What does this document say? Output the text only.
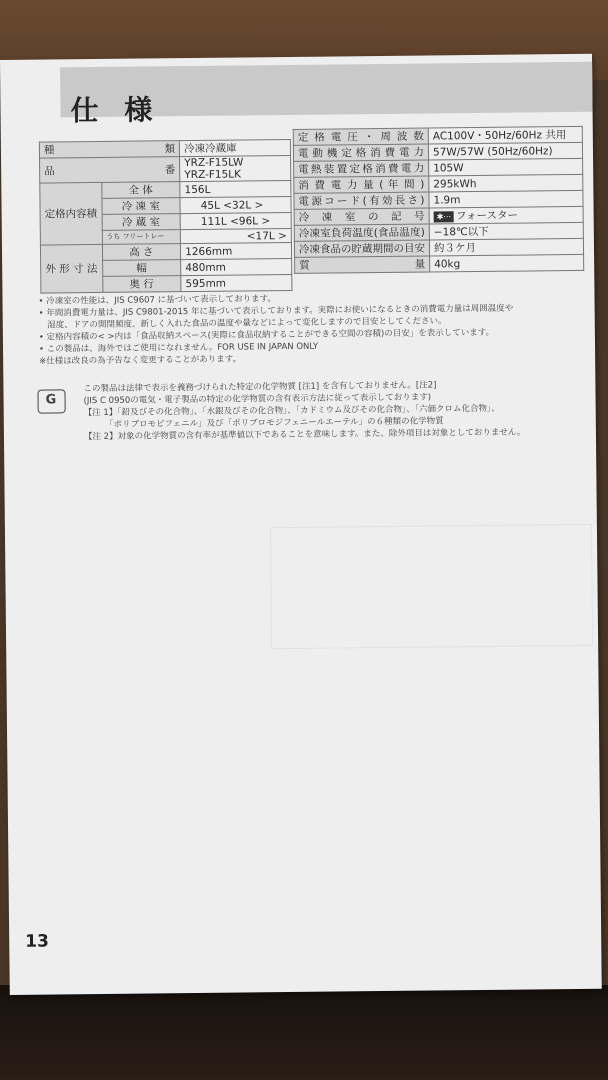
仕 様
種 類		冷凍冷蔵庫
品 番		YRZ-F15LW
YRZ-F15LK

定格内容積	全 体	156L
	冷 凍 室	45L <32L >
	冷 蔵 室	111L <96L >
	うち フリートレー	<17L >
外 形 寸 法	高 さ	1266mm
	幅	480mm
	奥 行	595mm
定 格 電 圧 ・ 周 波 数	AC100V・50Hz/60Hz 共用
電動機定格消費電力	57W/57W (50Hz/60Hz)
電熱装置定格消費電力	105W
消 費 電 力 量 ( 年 間 )	295kWh
電源コード(有効長さ)	1.9m
冷 凍 室 の 記 号	✱··· フォースター
冷凍室負荷温度(食品温度)	−18℃以下
冷凍食品の貯蔵期間の目安	約３ケ月
質 量	40kg
• 冷凍室の性能は、JIS C9607 に基づいて表示しております。
• 年間消費電力量は、JIS C9801-2015 年に基づいて表示しております。実際にお使いになるときの消費電力量は周囲温度や
　湿度、ドアの開閉頻度、新しく入れた食品の温度や量などによって変化しますので目安としてください。
• 定格内容積の< >内は「食品収納スペース(実際に食品収納することができる空間の容積)の目安」を表示しています。
• この製品は、海外ではご使用になれません。FOR USE IN JAPAN ONLY
※仕様は改良の為予告なく変更することがあります。
G
この製品は法律で表示を義務づけられた特定の化学物質 [注1] を含有しておりません。[注2]
(JIS C 0950の電気・電子製品の特定の化学物質の含有表示方法に従って表示しております)
【注 1】「鉛及びその化合物」、「水銀及びその化合物」、「カドミウム及びその化合物」、「六価クロム化合物」、
　　　「ポリブロモビフェニル」及び「ポリブロモジフェニールエーテル」の６種類の化学物質
【注 2】対象の化学物質の含有率が基準値以下であることを意味します。また、除外項目は対象としておりません。
13
